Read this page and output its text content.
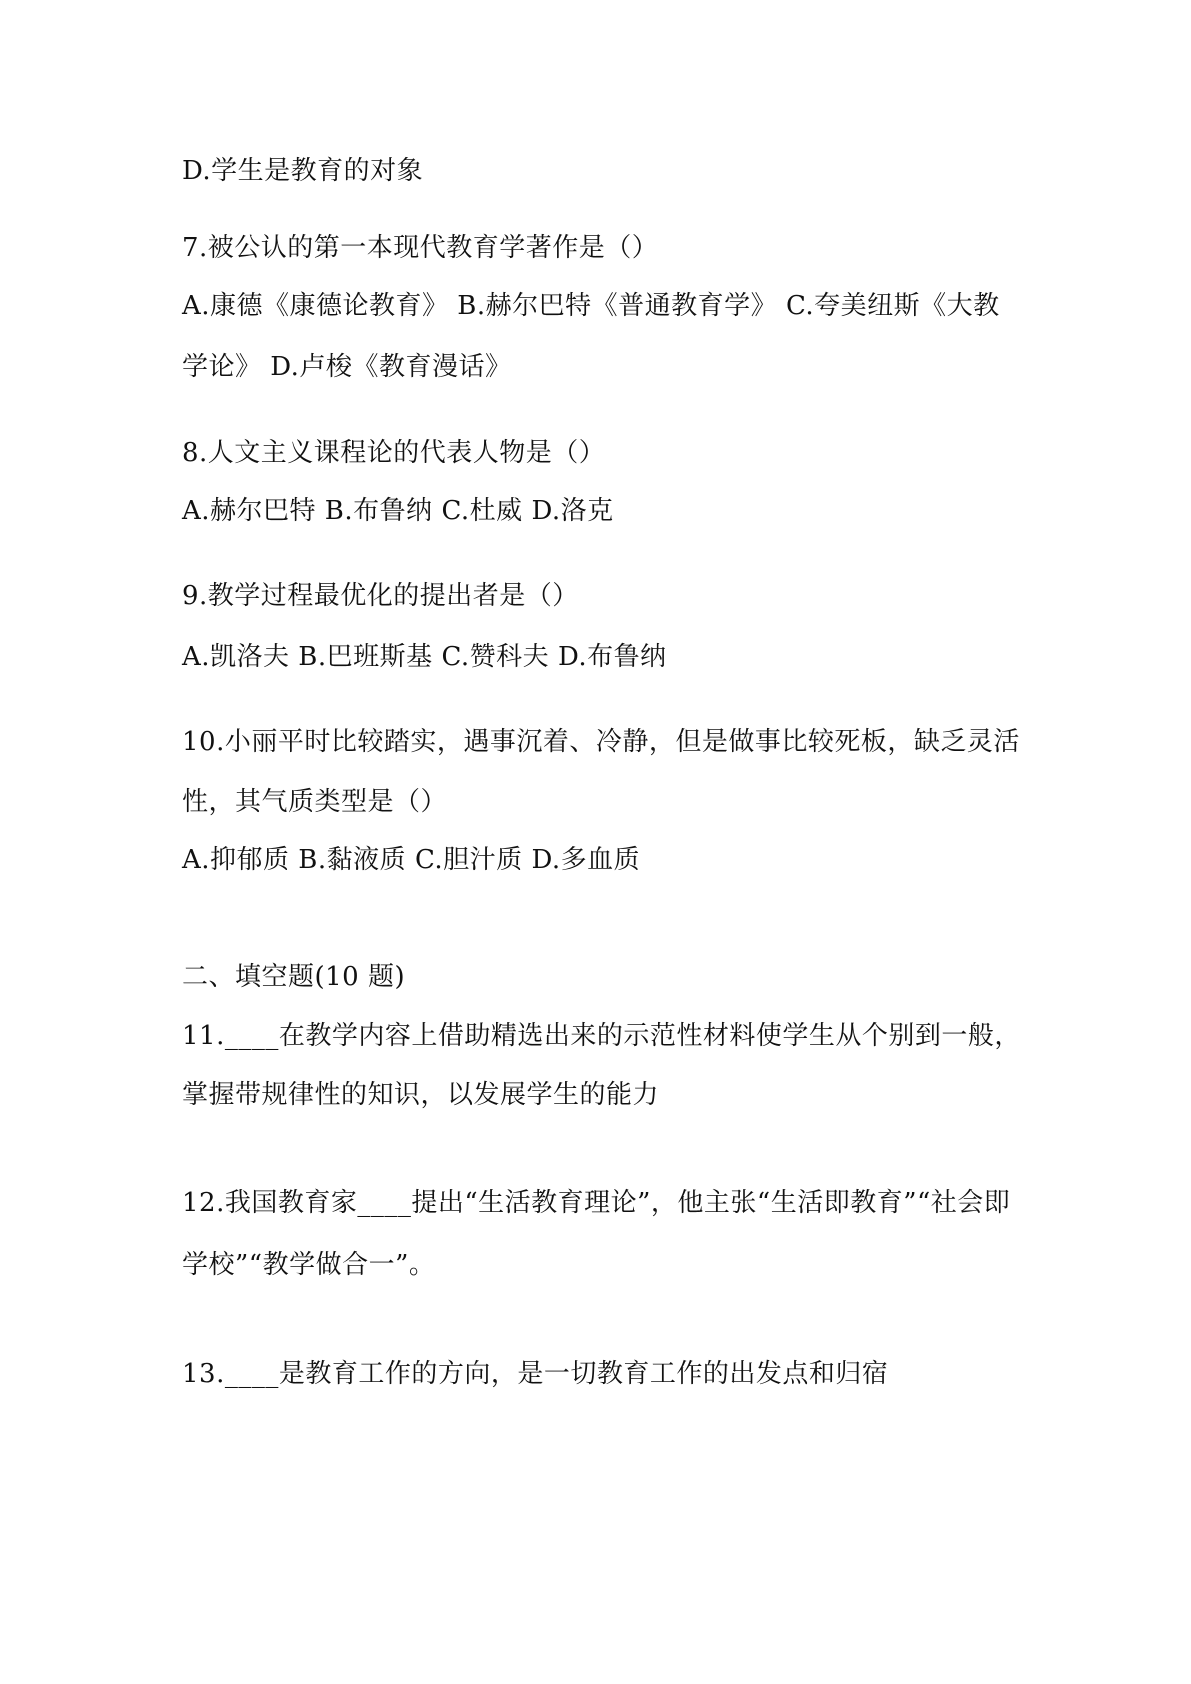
D.学生是教育的对象
7.被公认的第一本现代教育学著作是（）
A.康德《康德论教育》 B.赫尔巴特《普通教育学》 C.夸美纽斯《大教
学论》 D.卢梭《教育漫话》
8.人文主义课程论的代表人物是（）
A.赫尔巴特 B.布鲁纳 C.杜威 D.洛克
9.教学过程最优化的提出者是（）
A.凯洛夫 B.巴班斯基 C.赞科夫 D.布鲁纳
10.小丽平时比较踏实，遇事沉着、冷静，但是做事比较死板，缺乏灵活
性，其气质类型是（）
A.抑郁质 B.黏液质 C.胆汁质 D.多血质
二、填空题(10 题)
11.____在教学内容上借助精选出来的示范性材料使学生从个别到一般，
掌握带规律性的知识，以发展学生的能力
12.我国教育家____提出“生活教育理论”，他主张“生活即教育”“社会即
学校”“教学做合一”。
13.____是教育工作的方向，是一切教育工作的出发点和归宿
